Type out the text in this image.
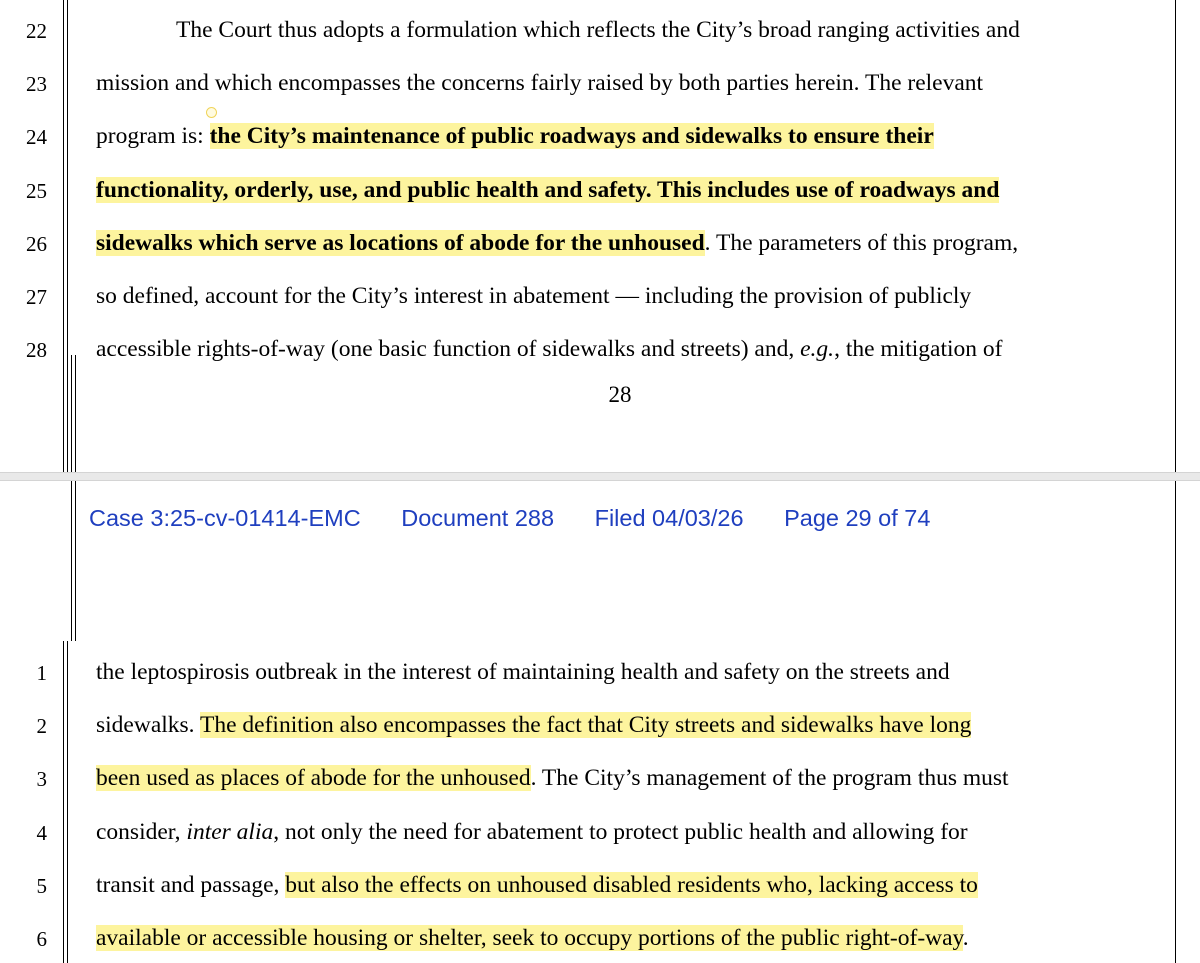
22	The Court thus adopts a formulation which reflects the City’s broad ranging activities and
23 mission and which encompasses the concerns fairly raised by both parties herein. The relevant
24 program is: the City’s maintenance of public roadways and sidewalks to ensure their
25 functionality, orderly, use, and public health and safety. This includes use of roadways and
26 sidewalks which serve as locations of abode for the unhoused. The parameters of this program,
27 so defined, account for the City’s interest in abatement — including the provision of publicly
28 accessible rights-of-way (one basic function of sidewalks and streets) and, e.g., the mitigation of
28
Case 3:25-cv-01414-EMC Document 288 Filed 04/03/26 Page 29 of 74
1 the leptospirosis outbreak in the interest of maintaining health and safety on the streets and
2 sidewalks. The definition also encompasses the fact that City streets and sidewalks have long
3 been used as places of abode for the unhoused. The City’s management of the program thus must
4 consider, inter alia, not only the need for abatement to protect public health and allowing for
5 transit and passage, but also the effects on unhoused disabled residents who, lacking access to
6 available or accessible housing or shelter, seek to occupy portions of the public right-of-way.
